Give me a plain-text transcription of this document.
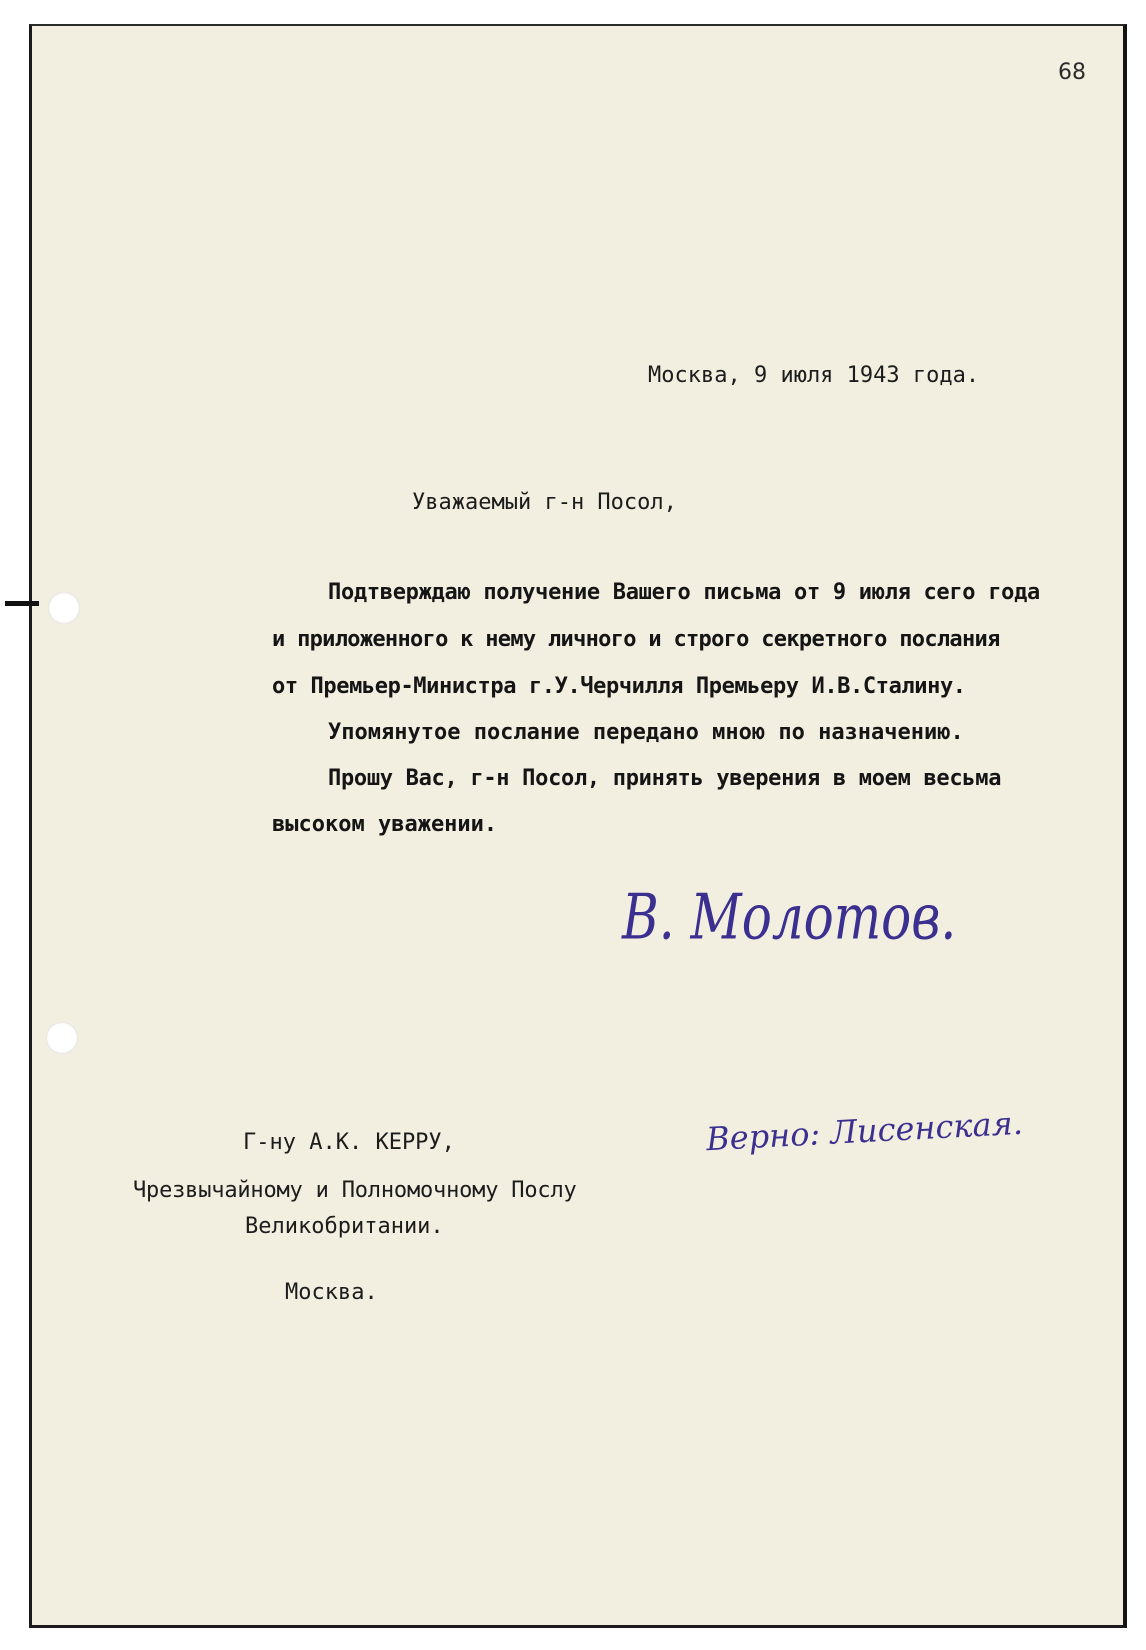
68
Москва, 9 июля 1943 года.
Уважаемый г-н Посол,
Подтверждаю получение Вашего письма от 9 июля сего года
и приложенного к нему личного и строго секретного послания
от Премьер-Министра г.У.Черчилля Премьеру И.В.Сталину.
Упомянутое послание передано мною по назначению.
Прошу Вас, г-н Посол, принять уверения в моем весьма
высоком уважении.
В. Молотов.
Г-ну А.К. КЕРРУ,
Чрезвычайному и Полномочному Послу
Великобритании.
Москва.
Верно: Лисенская.
